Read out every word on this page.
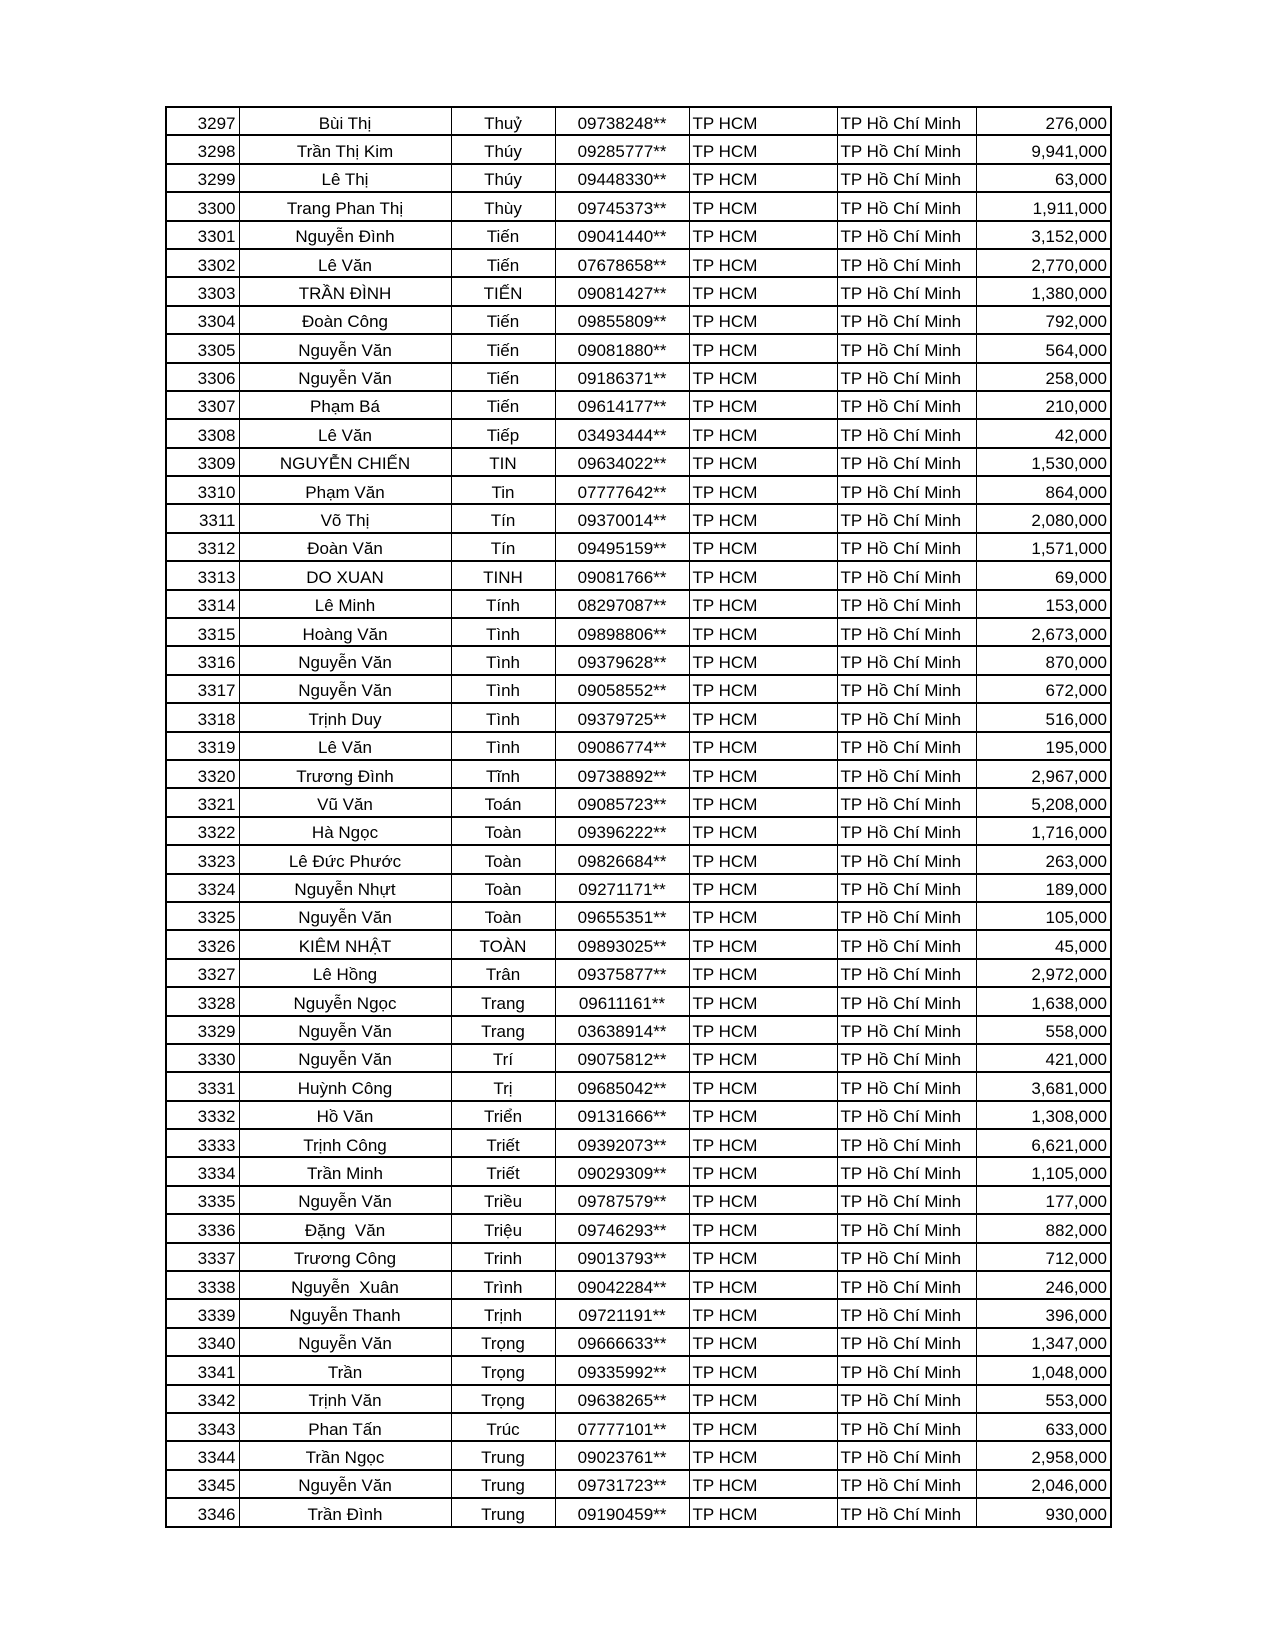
3297	Bùi Thị	Thuỷ	09738248**	TP HCM	TP Hồ Chí Minh	276,000
3298	Trần Thị Kim	Thúy	09285777**	TP HCM	TP Hồ Chí Minh	9,941,000
3299	Lê Thị	Thúy	09448330**	TP HCM	TP Hồ Chí Minh	63,000
3300	Trang Phan Thị	Thùy	09745373**	TP HCM	TP Hồ Chí Minh	1,911,000
3301	Nguyễn Đình	Tiến	09041440**	TP HCM	TP Hồ Chí Minh	3,152,000
3302	Lê Văn	Tiến	07678658**	TP HCM	TP Hồ Chí Minh	2,770,000
3303	TRẦN ĐÌNH	TIẾN	09081427**	TP HCM	TP Hồ Chí Minh	1,380,000
3304	Đoàn Công	Tiến	09855809**	TP HCM	TP Hồ Chí Minh	792,000
3305	Nguyễn Văn	Tiến	09081880**	TP HCM	TP Hồ Chí Minh	564,000
3306	Nguyễn Văn	Tiến	09186371**	TP HCM	TP Hồ Chí Minh	258,000
3307	Phạm Bá	Tiến	09614177**	TP HCM	TP Hồ Chí Minh	210,000
3308	Lê Văn	Tiếp	03493444**	TP HCM	TP Hồ Chí Minh	42,000
3309	NGUYỄN CHIẾN	TIN	09634022**	TP HCM	TP Hồ Chí Minh	1,530,000
3310	Phạm Văn	Tin	07777642**	TP HCM	TP Hồ Chí Minh	864,000
3311	Võ Thị	Tín	09370014**	TP HCM	TP Hồ Chí Minh	2,080,000
3312	Đoàn Văn	Tín	09495159**	TP HCM	TP Hồ Chí Minh	1,571,000
3313	DO XUAN	TINH	09081766**	TP HCM	TP Hồ Chí Minh	69,000
3314	Lê Minh	Tính	08297087**	TP HCM	TP Hồ Chí Minh	153,000
3315	Hoàng Văn	Tình	09898806**	TP HCM	TP Hồ Chí Minh	2,673,000
3316	Nguyễn Văn	Tình	09379628**	TP HCM	TP Hồ Chí Minh	870,000
3317	Nguyễn Văn	Tình	09058552**	TP HCM	TP Hồ Chí Minh	672,000
3318	Trịnh Duy	Tình	09379725**	TP HCM	TP Hồ Chí Minh	516,000
3319	Lê Văn	Tình	09086774**	TP HCM	TP Hồ Chí Minh	195,000
3320	Trương Đình	Tĩnh	09738892**	TP HCM	TP Hồ Chí Minh	2,967,000
3321	Vũ Văn	Toán	09085723**	TP HCM	TP Hồ Chí Minh	5,208,000
3322	Hà Ngọc	Toàn	09396222**	TP HCM	TP Hồ Chí Minh	1,716,000
3323	Lê Đức Phước	Toàn	09826684**	TP HCM	TP Hồ Chí Minh	263,000
3324	Nguyễn Nhựt	Toàn	09271171**	TP HCM	TP Hồ Chí Minh	189,000
3325	Nguyễn Văn	Toàn	09655351**	TP HCM	TP Hồ Chí Minh	105,000
3326	KIÊM NHẬT	TOÀN	09893025**	TP HCM	TP Hồ Chí Minh	45,000
3327	Lê Hồng	Trân	09375877**	TP HCM	TP Hồ Chí Minh	2,972,000
3328	Nguyễn Ngọc	Trang	09611161**	TP HCM	TP Hồ Chí Minh	1,638,000
3329	Nguyễn Văn	Trang	03638914**	TP HCM	TP Hồ Chí Minh	558,000
3330	Nguyễn Văn	Trí	09075812**	TP HCM	TP Hồ Chí Minh	421,000
3331	Huỳnh Công	Trị	09685042**	TP HCM	TP Hồ Chí Minh	3,681,000
3332	Hồ Văn	Triển	09131666**	TP HCM	TP Hồ Chí Minh	1,308,000
3333	Trịnh Công	Triết	09392073**	TP HCM	TP Hồ Chí Minh	6,621,000
3334	Trần Minh	Triết	09029309**	TP HCM	TP Hồ Chí Minh	1,105,000
3335	Nguyễn Văn	Triều	09787579**	TP HCM	TP Hồ Chí Minh	177,000
3336	Đặng  Văn	Triệu	09746293**	TP HCM	TP Hồ Chí Minh	882,000
3337	Trương Công	Trinh	09013793**	TP HCM	TP Hồ Chí Minh	712,000
3338	Nguyễn  Xuân	Trình	09042284**	TP HCM	TP Hồ Chí Minh	246,000
3339	Nguyễn Thanh	Trịnh	09721191**	TP HCM	TP Hồ Chí Minh	396,000
3340	Nguyễn Văn	Trọng	09666633**	TP HCM	TP Hồ Chí Minh	1,347,000
3341	Trần	Trọng	09335992**	TP HCM	TP Hồ Chí Minh	1,048,000
3342	Trịnh Văn	Trọng	09638265**	TP HCM	TP Hồ Chí Minh	553,000
3343	Phan Tấn	Trúc	07777101**	TP HCM	TP Hồ Chí Minh	633,000
3344	Trần Ngọc	Trung	09023761**	TP HCM	TP Hồ Chí Minh	2,958,000
3345	Nguyễn Văn	Trung	09731723**	TP HCM	TP Hồ Chí Minh	2,046,000
3346	Trần Đình	Trung	09190459**	TP HCM	TP Hồ Chí Minh	930,000
